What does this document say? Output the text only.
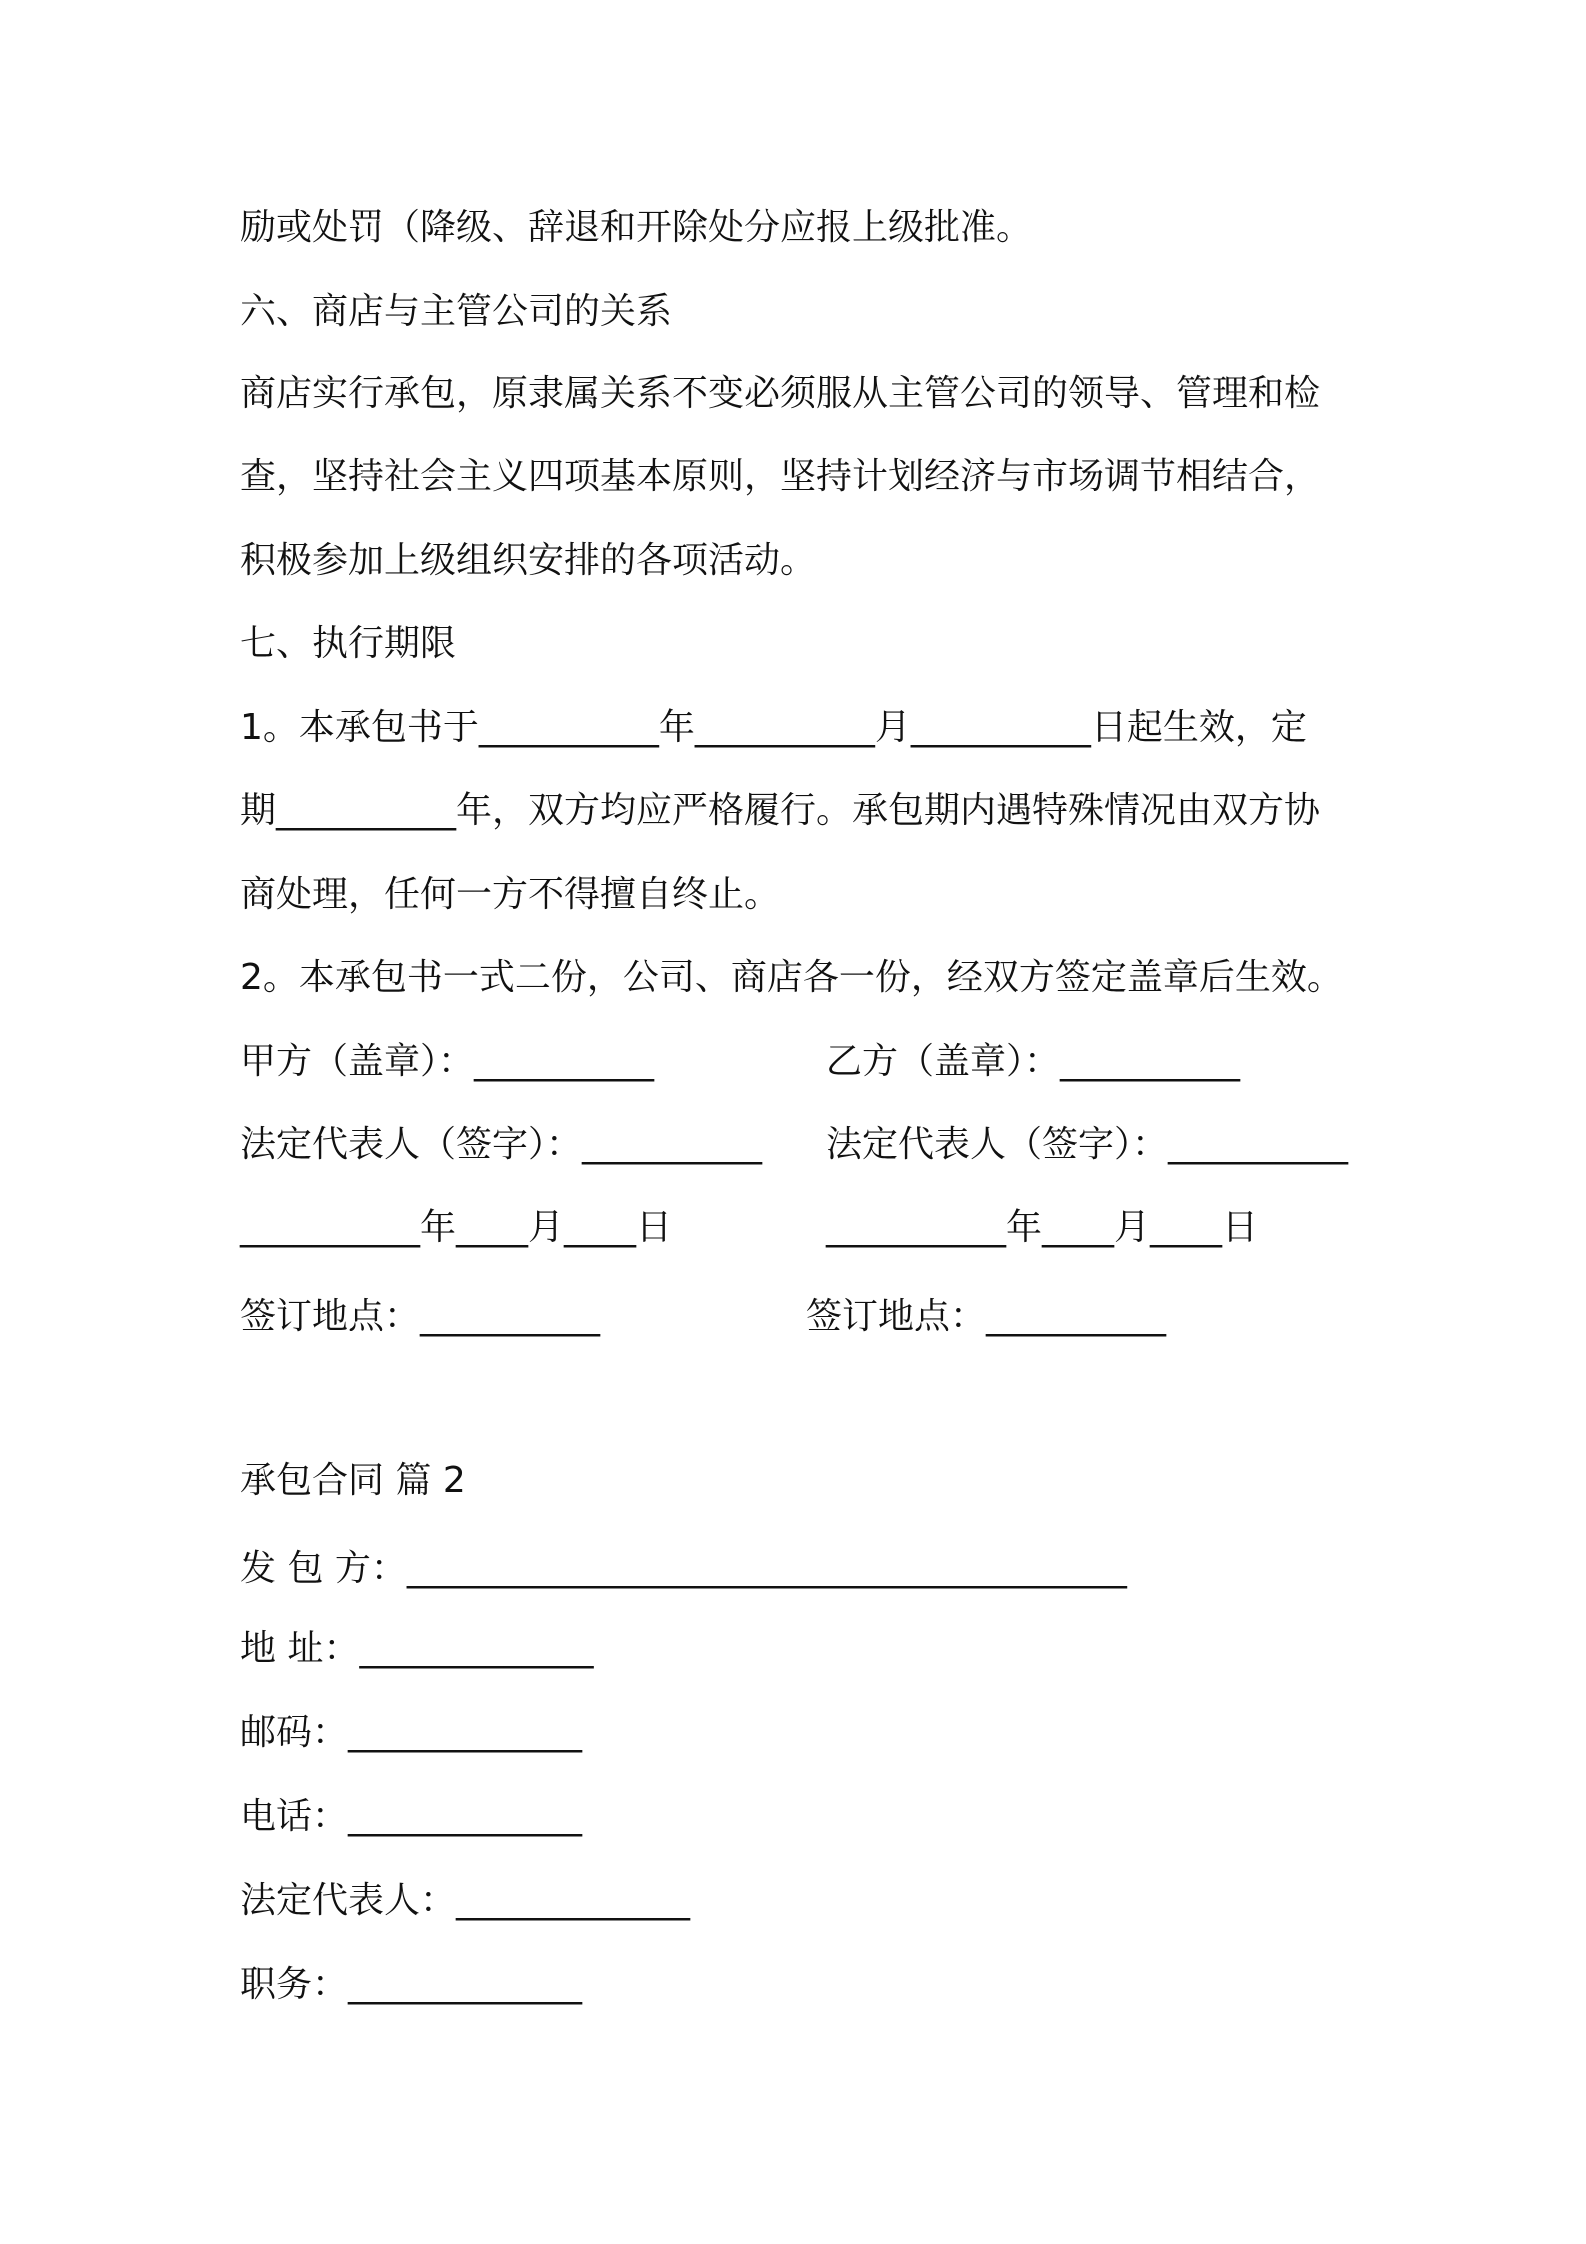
励或处罚（降级、辞退和开除处分应报上级批准。
六、商店与主管公司的关系
商店实行承包，原隶属关系不变必须服从主管公司的领导、管理和检
查，坚持社会主义四项基本原则，坚持计划经济与市场调节相结合，
积极参加上级组织安排的各项活动。
七、执行期限
1。本承包书于__________年__________月__________日起生效，定
期__________年，双方均应严格履行。承包期内遇特殊情况由双方协
商处理，任何一方不得擅自终止。
2。本承包书一式二份，公司、商店各一份，经双方签定盖章后生效。
甲方（盖章）：__________
法定代表人（签字）：__________
__________年____月____日
签订地点：__________
乙方（盖章）：__________
法定代表人（签字）：__________
__________年____月____日
签订地点：__________
承包合同 篇 2
发 包 方：________________________________________
地 址：_____________
邮码：_____________
电话：_____________
法定代表人：_____________
职务：_____________
